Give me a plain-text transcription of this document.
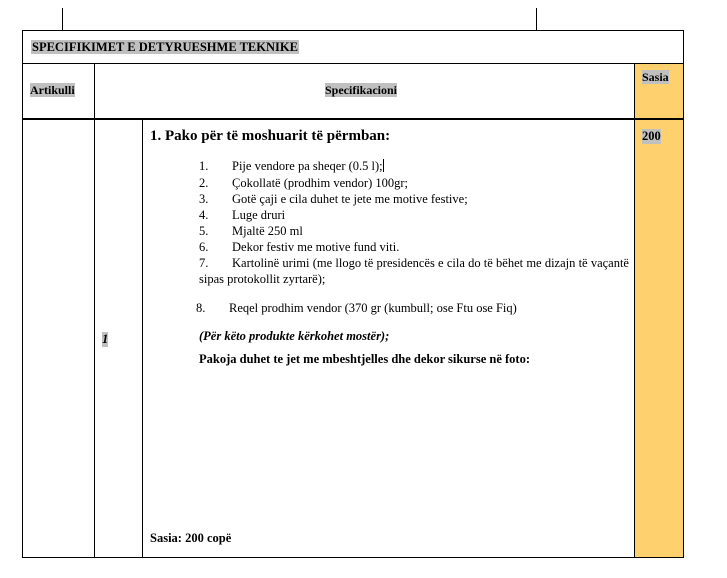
SPECIFIKIMET E DETYRUESHME TEKNIKE
Artikulli	Specifikacioni
Sasia
1
200
1. Pako për të moshuarit të përmban:
1. Pije vendore pa sheqer (0.5 l);
2. Çokollatë (prodhim vendor) 100gr;
3. Gotë çaji e cila duhet te jete me motive festive;
4. Luge druri
5. Mjaltë 250 ml
6. Dekor festiv me motive fund viti.
7. Kartolinë urimi (me llogo të presidencës e cila do të bëhet me dizajn të vaçantë sipas protokollit zyrtarë);
8. Reqel prodhim vendor (370 gr (kumbull; ose Ftu ose Fiq)
(Për këto produkte kërkohet mostër);
Pakoja duhet te jet me mbeshtjelles dhe dekor sikurse në foto:
Sasia: 200 copë
